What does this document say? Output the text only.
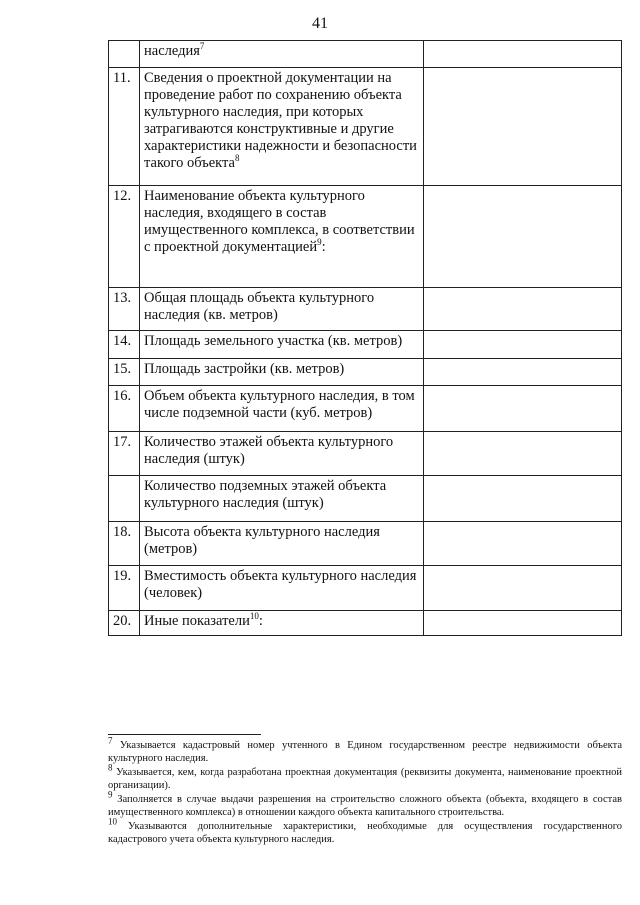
41
	наследия$^7$	
11.	Сведения о проектной документации на проведение работ по сохранению объекта культурного наследия, при которых затрагиваются конструктивные и другие характеристики надежности и безопасности такого объекта$^8$	
12.	Наименование объекта культурного наследия, входящего в состав имущественного комплекса, в соответствии с проектной документацией$^9$:	
13.	Общая площадь объекта культурного наследия (кв. метров)	
14.	Площадь земельного участка (кв. метров)	
15.	Площадь застройки (кв. метров)	
16.	Объем объекта культурного наследия, в том числе подземной части (куб. метров)	
17.	Количество этажей объекта культурного наследия (штук)	
	Количество подземных этажей объекта культурного наследия (штук)	
18.	Высота объекта культурного наследия (метров)	
19.	Вместимость объекта культурного наследия (человек)	
20.	Иные показатели$^{10}$:	

$^7$ Указывается кадастровый номер учтенного в Едином государственном реестре недвижимости объекта культурного наследия.

$^8$ Указывается, кем, когда разработана проектная документация (реквизиты документа, наименование проектной организации).

$^9$ Заполняется в случае выдачи разрешения на строительство сложного объекта (объекта, входящего в состав имущественного комплекса) в отношении каждого объекта капитального строительства.

$^{10}$ Указываются дополнительные характеристики, необходимые для осуществления государственного кадастрового учета объекта культурного наследия.
